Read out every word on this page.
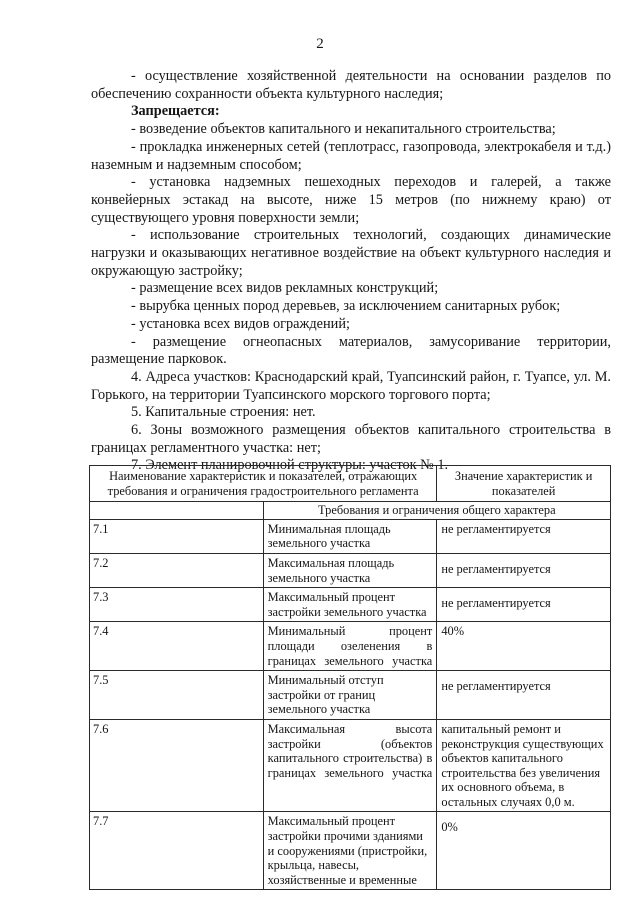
2

- осуществление хозяйственной деятельности на основании разделов по обеспечению сохранности объекта культурного наследия;

Запрещается:

- возведение объектов капитального и некапитального строительства;

- прокладка инженерных сетей (теплотрасс, газопровода, электрокабеля и т.д.) наземным и надземным способом;

- установка надземных пешеходных переходов и галерей, а также конвейерных эстакад на высоте, ниже 15 метров (по нижнему краю) от существующего уровня поверхности земли;

- использование строительных технологий, создающих динамические нагрузки и оказывающих негативное воздействие на объект культурного наследия и окружающую застройку;

- размещение всех видов рекламных конструкций;

- вырубка ценных пород деревьев, за исключением санитарных рубок;

- установка всех видов ограждений;

- размещение огнеопасных материалов, замусоривание территории, размещение парковок.

4. Адреса участков: Краснодарский край, Туапсинский район, г. Туапсе, ул. М. Горького, на территории Туапсинского морского торгового порта;

5. Капитальные строения: нет.

6. Зоны возможного размещения объектов капитального строительства в границах регламентного участка: нет;

7. Элемент планировочной структуры: участок № 1.

Наименование характеристик и показателей, отражающих требования и ограничения градостроительного регламента		Значение характеристик и показателей
	Требования и ограничения общего характера	
7.1	Минимальная площадь земельного участка	не регламентируется
7.2	Максимальная площадь земельного участка	не регламентируется
7.3	Максимальный процент застройки земельного участка	не регламентируется
7.4	Минимальный процент площади озеленения в границах земельного участка	40%
7.5	Минимальный отступ застройки от границ земельного участка	не регламентируется
7.6	Максимальная высота застройки (объектов капитального строительства) в границах земельного участка	капитальный ремонт и реконструкция существующих объектов капитального строительства без увеличения их основного объема, в остальных случаях 0,0 м.
7.7	Максимальный процент застройки прочими зданиями и сооружениями (пристройки, крыльца, навесы, хозяйственные и временные	0%
